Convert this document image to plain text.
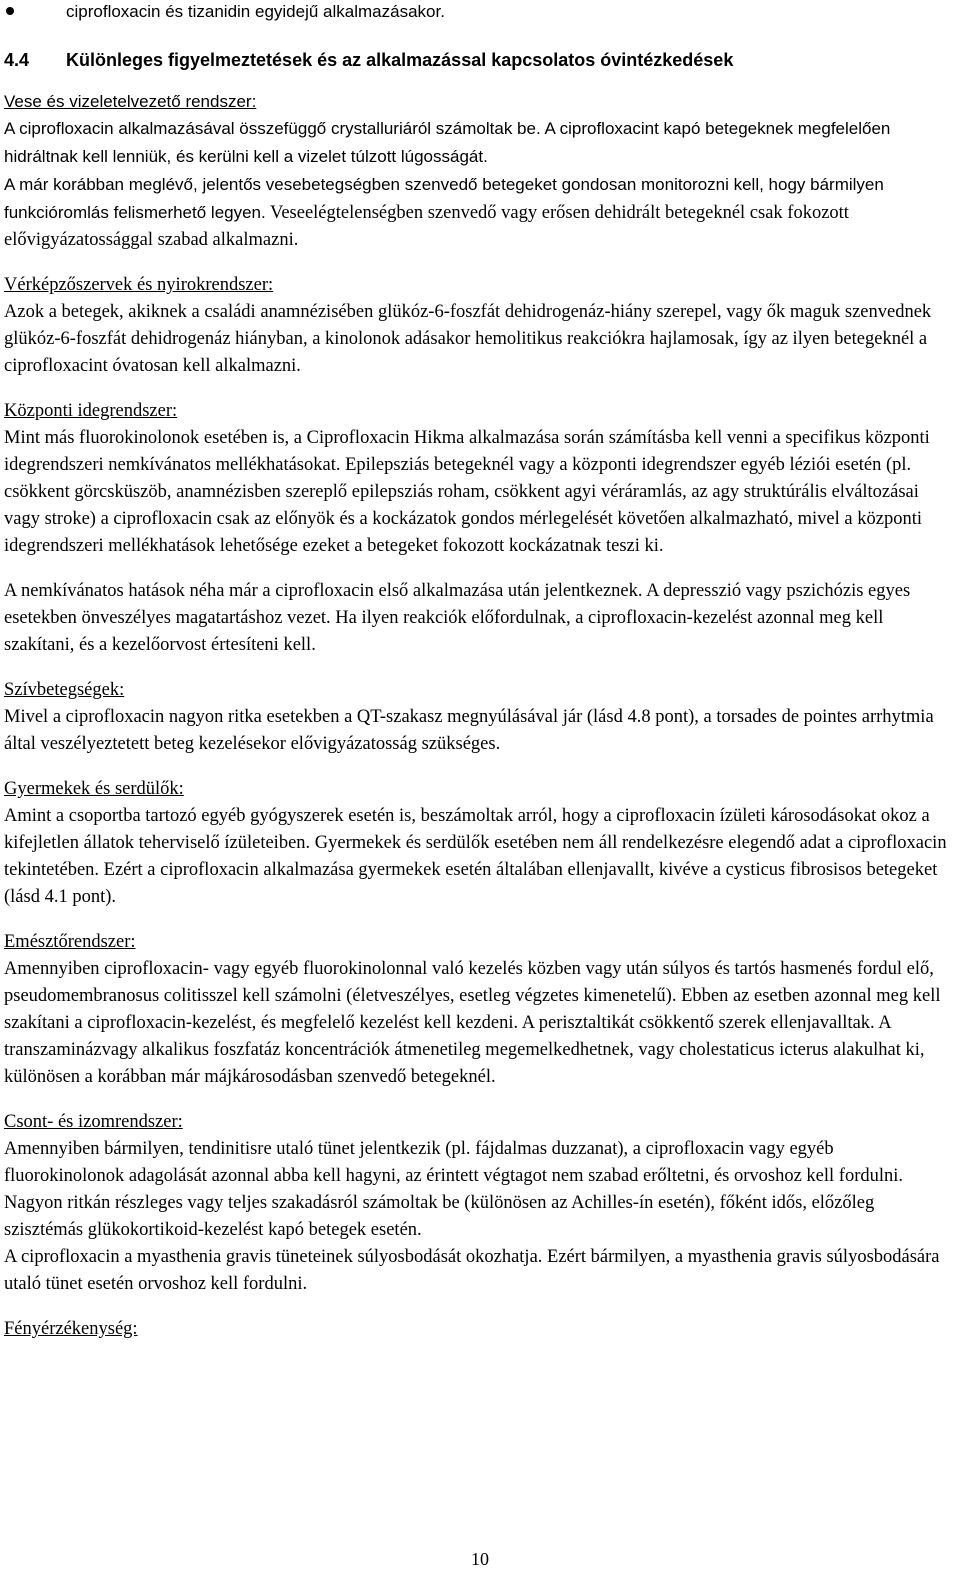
ciprofloxacin és tizanidin egyidejű alkalmazásakor.
4.4 Különleges figyelmeztetések és az alkalmazással kapcsolatos óvintézkedések
Vese és vizeletelvezető rendszer:

A ciprofloxacin alkalmazásával összefüggő crystalluriáról számoltak be. A ciprofloxacint kapó betegeknek megfelelően hidráltnak kell lenniük, és kerülni kell a vizelet túlzott lúgosságát.

A már korábban meglévő, jelentős vesebetegségben szenvedő betegeket gondosan monitorozni kell, hogy bármilyen funkcióromlás felismerhető legyen. Veseelégtelenségben szenvedő vagy erősen dehidrált betegeknél csak fokozott elővigyázatossággal szabad alkalmazni.

Vérképzőszervek és nyirokrendszer:

Azok a betegek, akiknek a családi anamnézisében glükóz-6-foszfát dehidrogenáz-hiány szerepel, vagy ők maguk szenvednek glükóz-6-foszfát dehidrogenáz hiányban, a kinolonok adásakor hemolitikus reakciókra hajlamosak, így az ilyen betegeknél a ciprofloxacint óvatosan kell alkalmazni.

Központi idegrendszer:

Mint más fluorokinolonok esetében is, a Ciprofloxacin Hikma alkalmazása során számításba kell venni a specifikus központi idegrendszeri nemkívánatos mellékhatásokat. Epilepsziás betegeknél vagy a központi idegrendszer egyéb léziói esetén (pl. csökkent görcsküszöb, anamnézisben szereplő epilepsziás roham, csökkent agyi véráramlás, az agy struktúrális elváltozásai vagy stroke) a ciprofloxacin csak az előnyök és a kockázatok gondos mérlegelését követően alkalmazható, mivel a központi idegrendszeri mellékhatások lehetősége ezeket a betegeket fokozott kockázatnak teszi ki.

A nemkívánatos hatások néha már a ciprofloxacin első alkalmazása után jelentkeznek. A depresszió vagy pszichózis egyes esetekben önveszélyes magatartáshoz vezet. Ha ilyen reakciók előfordulnak, a ciprofloxacin-kezelést azonnal meg kell szakítani, és a kezelőorvost értesíteni kell.

Szívbetegségek:

Mivel a ciprofloxacin nagyon ritka esetekben a QT-szakasz megnyúlásával jár (lásd 4.8 pont), a torsades de pointes arrhytmia által veszélyeztetett beteg kezelésekor elővigyázatosság szükséges.

Gyermekek és serdülők:

Amint a csoportba tartozó egyéb gyógyszerek esetén is, beszámoltak arról, hogy a ciprofloxacin ízületi károsodásokat okoz a kifejletlen állatok teherviselő ízületeiben. Gyermekek és serdülők esetében nem áll rendelkezésre elegendő adat a ciprofloxacin tekintetében. Ezért a ciprofloxacin alkalmazása gyermekek esetén általában ellenjavallt, kivéve a cysticus fibrosisos betegeket (lásd 4.1 pont).

Emésztőrendszer:

Amennyiben ciprofloxacin- vagy egyéb fluorokinolonnal való kezelés közben vagy után súlyos és tartós hasmenés fordul elő, pseudomembranosus colitisszel kell számolni (életveszélyes, esetleg végzetes kimenetelű). Ebben az esetben azonnal meg kell szakítani a ciprofloxacin-kezelést, és megfelelő kezelést kell kezdeni. A perisztaltikát csökkentő szerek ellenjavalltak. A transzaminázvagy alkalikus foszfatáz koncentrációk átmenetileg megemelkedhetnek, vagy cholestaticus icterus alakulhat ki, különösen a korábban már májkárosodásban szenvedő betegeknél.

Csont- és izomrendszer:

Amennyiben bármilyen, tendinitisre utaló tünet jelentkezik (pl. fájdalmas duzzanat), a ciprofloxacin vagy egyéb fluorokinolonok adagolását azonnal abba kell hagyni, az érintett végtagot nem szabad erőltetni, és orvoshoz kell fordulni. Nagyon ritkán részleges vagy teljes szakadásról számoltak be (különösen az Achilles-ín esetén), főként idős, előzőleg szisztémás glükokortikoid-kezelést kapó betegek esetén.

A ciprofloxacin a myasthenia gravis tüneteinek súlyosbodását okozhatja. Ezért bármilyen, a myasthenia gravis súlyosbodására utaló tünet esetén orvoshoz kell fordulni.

Fényérzékenység:
10
